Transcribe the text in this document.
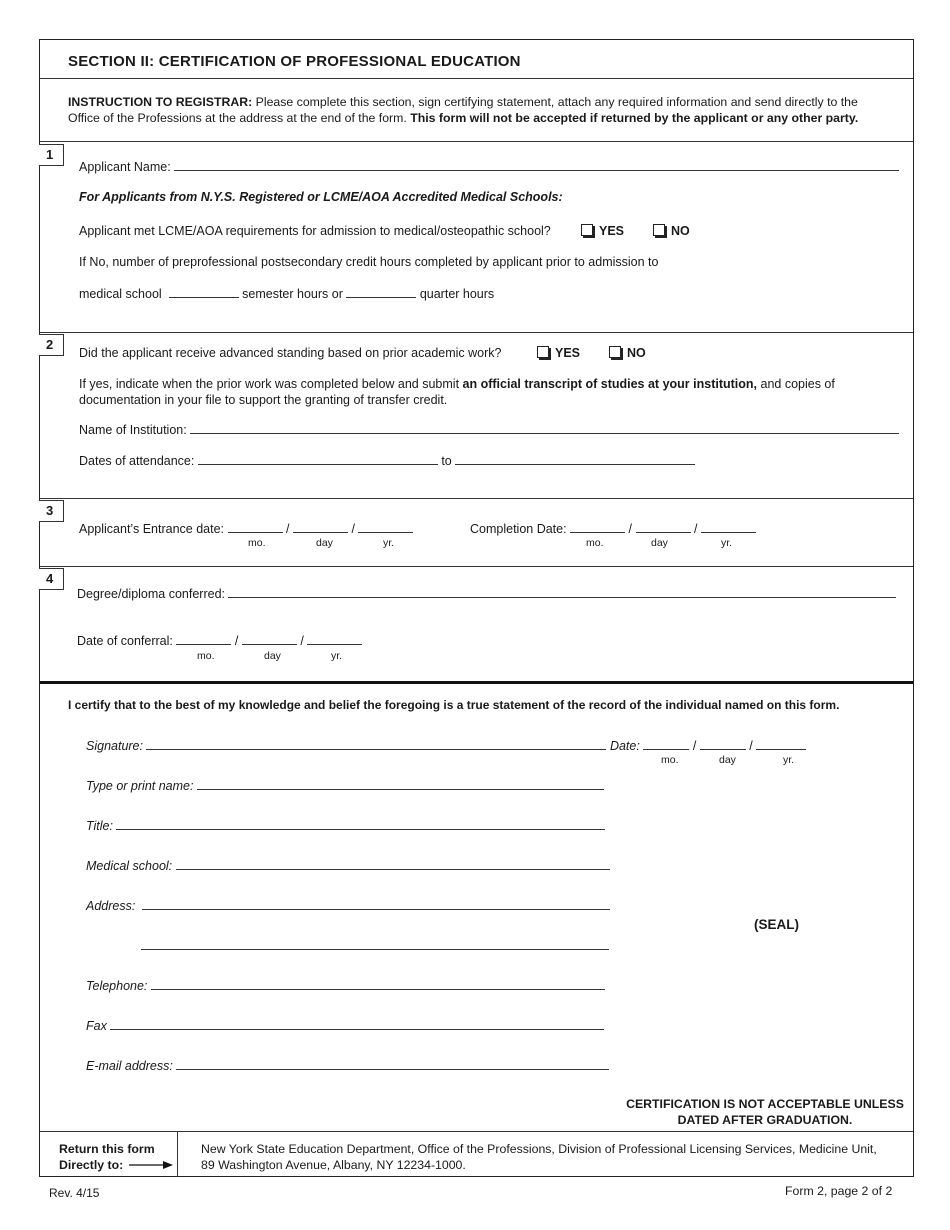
SECTION II: CERTIFICATION OF PROFESSIONAL EDUCATION
INSTRUCTION TO REGISTRAR: Please complete this section, sign certifying statement, attach any required information and send directly to the Office of the Professions at the address at the end of the form. This form will not be accepted if returned by the applicant or any other party.
1
Applicant Name:
For Applicants from N.Y.S. Registered or LCME/AOA Accredited Medical Schools:
Applicant met LCME/AOA requirements for admission to medical/osteopathic school?	YES	NO
If No, number of preprofessional postsecondary credit hours completed by applicant prior to admission to
medical school	semester hours or	quarter hours
2
Did the applicant receive advanced standing based on prior academic work?	YES	NO
If yes, indicate when the prior work was completed below and submit an official transcript of studies at your institution, and copies of documentation in your file to support the granting of transfer credit.
Name of Institution:
Dates of attendance:	to
3
Applicant’s Entrance date:	/	/
mo.	day	yr.
Completion Date:	/	/
mo.	day	yr.
4
Degree/diploma conferred:
Date of conferral:	/	/
mo.	day	yr.
I certify that to the best of my knowledge and belief the foregoing is a true statement of the record of the individual named on this form.
Signature:	Date:	/	/
mo.	day	yr.
Type or print name:
Title:
Medical school:
Address:
Telephone:
Fax
E-mail address:
(SEAL)
CERTIFICATION IS NOT ACCEPTABLE UNLESS
DATED AFTER GRADUATION.
Return this form
Directly to:
New York State Education Department, Office of the Professions, Division of Professional Licensing Services, Medicine Unit,
89 Washington Avenue, Albany, NY 12234-1000.
Rev. 4/15	Form 2, page 2 of 2
